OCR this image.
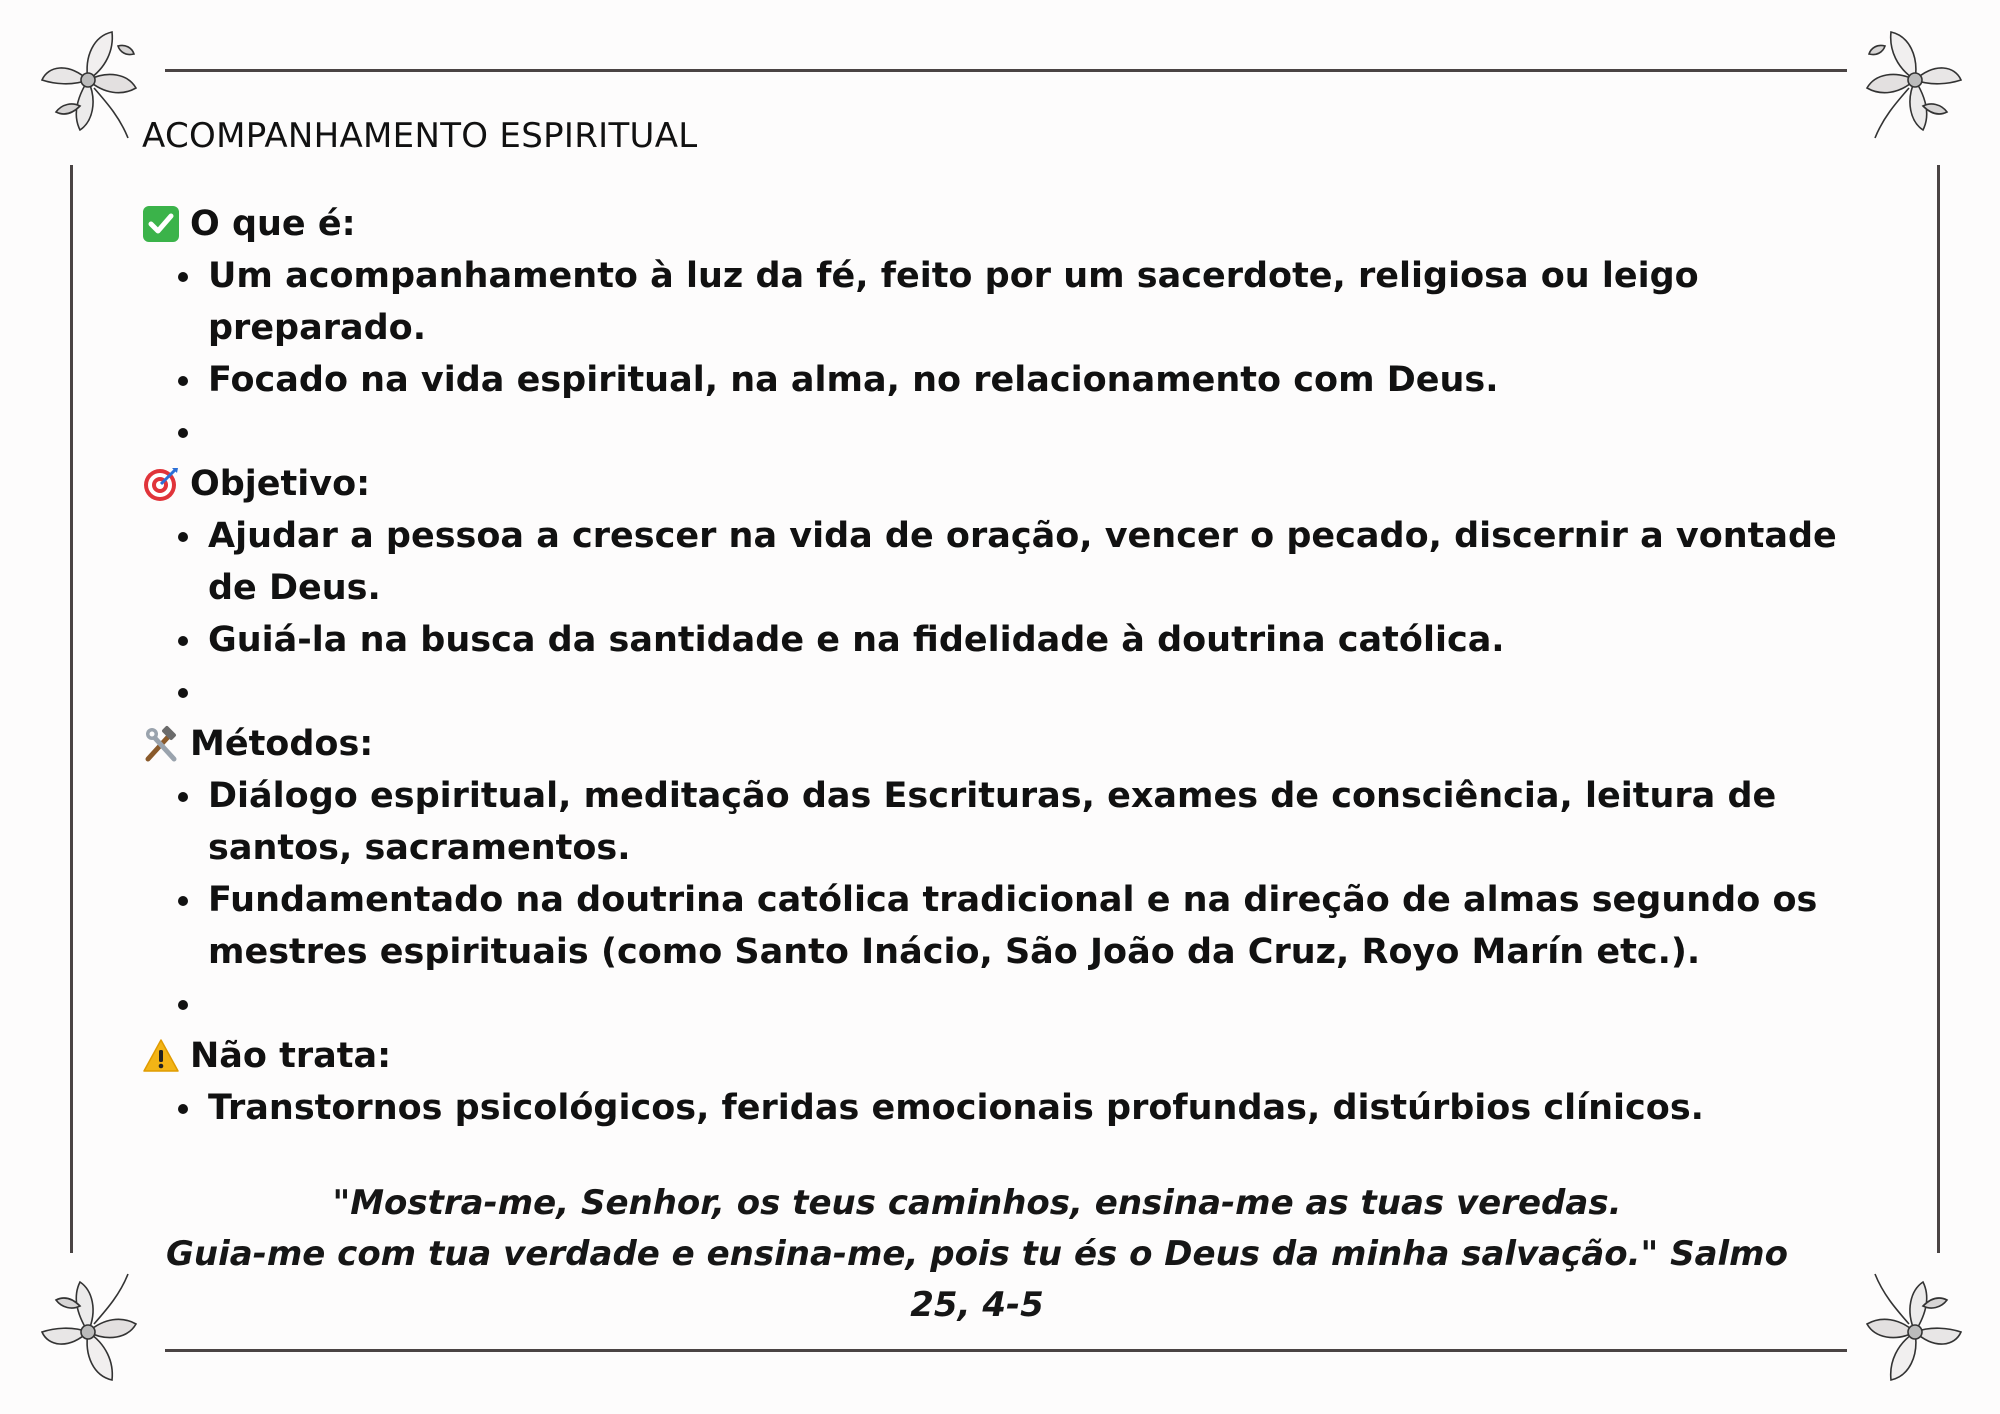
ACOMPANHAMENTO ESPIRITUAL
O que é:
Um acompanhamento à luz da fé, feito por um sacerdote, religiosa ou leigo preparado.
Focado na vida espiritual, na alma, no relacionamento com Deus.
Objetivo:
Ajudar a pessoa a crescer na vida de oração, vencer o pecado, discernir a vontade de Deus.
Guiá-la na busca da santidade e na fidelidade à doutrina católica.
Métodos:
Diálogo espiritual, meditação das Escrituras, exames de consciência, leitura de santos, sacramentos.
Fundamentado na doutrina católica tradicional e na direção de almas segundo os mestres espirituais (como Santo Inácio, São João da Cruz, Royo Marín etc.).
Não trata:
Transtornos psicológicos, feridas emocionais profundas, distúrbios clínicos.
"Mostra-me, Senhor, os teus caminhos, ensina-me as tuas veredas.
Guia-me com tua verdade e ensina-me, pois tu és o Deus da minha salvação." Salmo 25, 4-5
